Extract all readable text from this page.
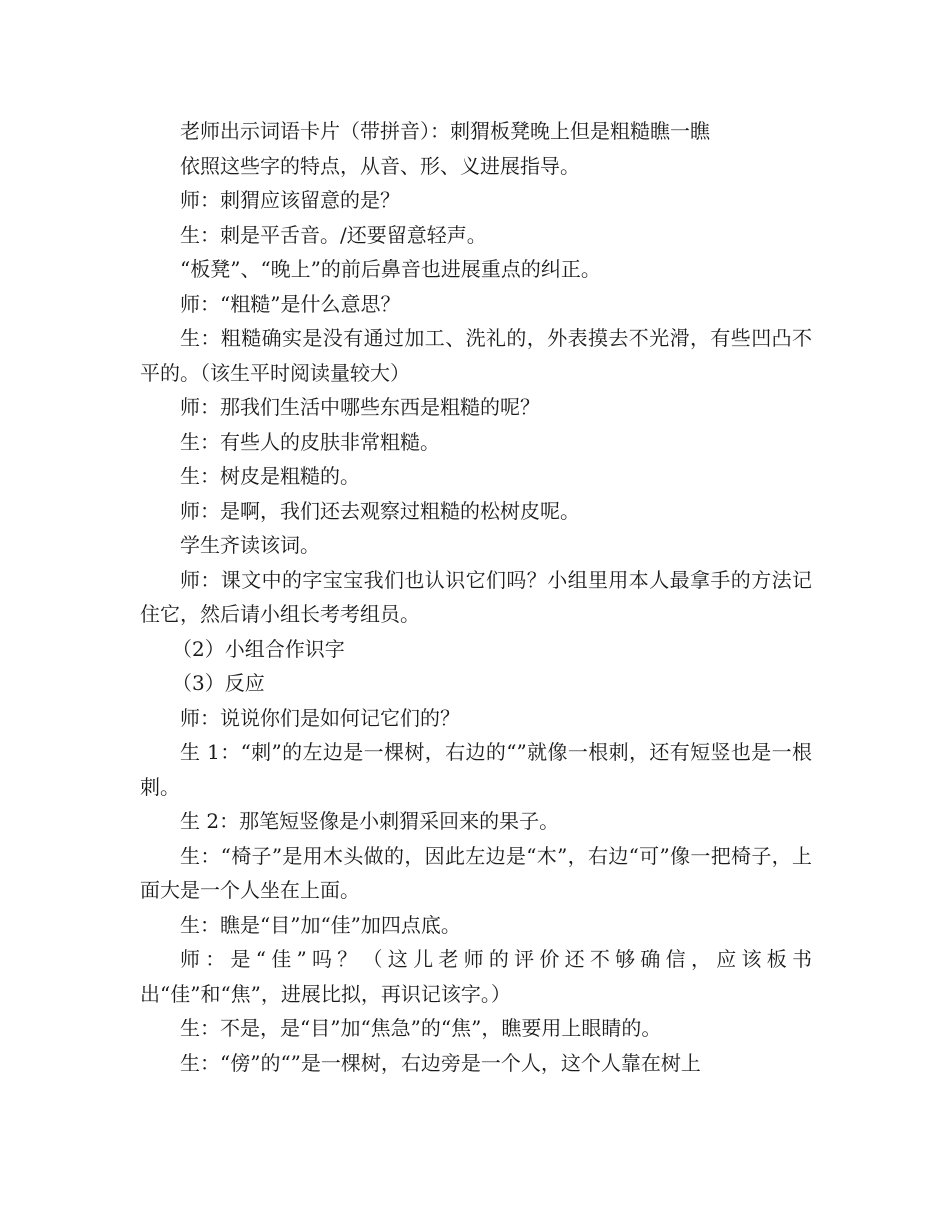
老师出示词语卡片（带拼音）：刺猬板凳晚上但是粗糙瞧一瞧

依照这些字的特点，从音、形、义进展指导。

师：刺猬应该留意的是？

生：刺是平舌音。/还要留意轻声。

“板凳”、“晚上”的前后鼻音也进展重点的纠正。

师：“粗糙”是什么意思？

生：粗糙确实是没有通过加工、洗礼的，外表摸去不光滑，有些凹凸不平的。（该生平时阅读量较大）

师：那我们生活中哪些东西是粗糙的呢？

生：有些人的皮肤非常粗糙。

生：树皮是粗糙的。

师：是啊，我们还去观察过粗糙的松树皮呢。

学生齐读该词。

师：课文中的字宝宝我们也认识它们吗？小组里用本人最拿手的方法记住它，然后请小组长考考组员。

（2）小组合作识字

（3）反应

师：说说你们是如何记它们的？

生 1：“刺”的左边是一棵树，右边的“”就像一根刺，还有短竖也是一根刺。

生 2：那笔短竖像是小刺猬采回来的果子。

生：“椅子”是用木头做的，因此左边是“木”，右边“可”像一把椅子，上面大是一个人坐在上面。

生：瞧是“目”加“佳”加四点底。

师：是“佳”吗？（这儿老师的评价还不够确信，应该板书出“佳”和“焦”，进展比拟，再识记该字。）

生：不是，是“目”加“焦急”的“焦”，瞧要用上眼睛的。

生：“傍”的“”是一棵树，右边旁是一个人，这个人靠在树上
